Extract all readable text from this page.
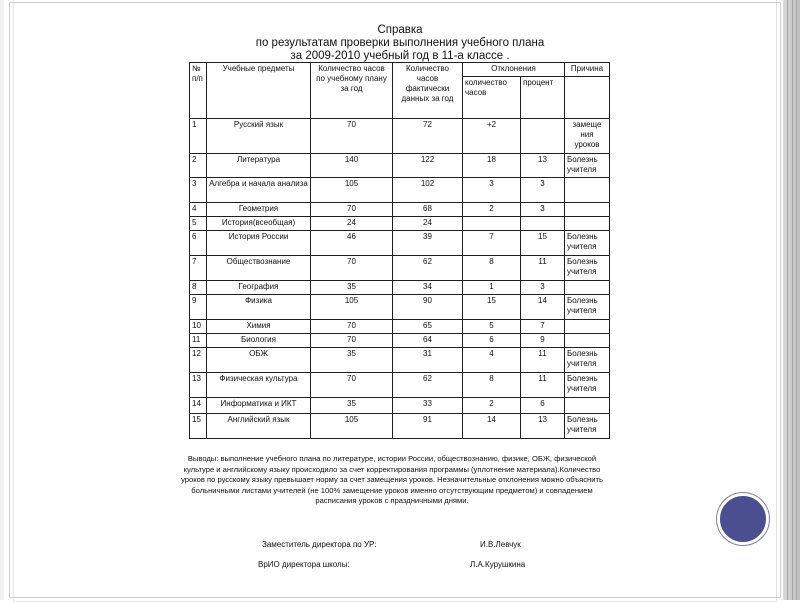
Справка
по результатам проверки выполнения учебного плана
за 2009-2010 учебный год в 11-а классе .
№ п/п	Учебные предметы	Количество часов по учебному плану за год	Количество часов фактически данных за год	Отклонения		Причина
				количество часов	процент	
1	Русский язык	70	72	+2		замеще ния уроков
2	Литература	140	122	18	13	Болезнь учителя
3	Алгебра и начала анализа	105	102	3	3	
4	Геометрия	70	68	2	3	
5	История(всеобщая)	24	24			
6	История России	46	39	7	15	Болезнь учителя
7	Обществознание	70	62	8	11	Болезнь учителя
8	География	35	34	1	3	
9	Физика	105	90	15	14	Болезнь учителя
10	Химия	70	65	5	7	
11	Биология	70	64	6	9	
12	ОБЖ	35	31	4	11	Болезнь учителя
13	Физическая культура	70	62	8	11	Болезнь учителя
14	Информатика и ИКТ	35	33	2	6	
15	Английский язык	105	91	14	13	Болезнь учителя
Выводы: выполнение учебного плана по литературе, истории России, обществознанию, физике, ОБЖ, физической культуре и английскому языку происходило за счет корректирования программы (уплотнение материала).Количество уроков по русскому языку превышает норму за счет замещения уроков. Незначительные отклонения можно объяснить больничными листами учителей (не 100% замещение уроков именно отсутствующим предметом) и совпадением расписания уроков с праздничными днями.
Заместитель директора по УР:	И.В.Левчук
ВрИО директора школы:	Л.А.Курушкина
